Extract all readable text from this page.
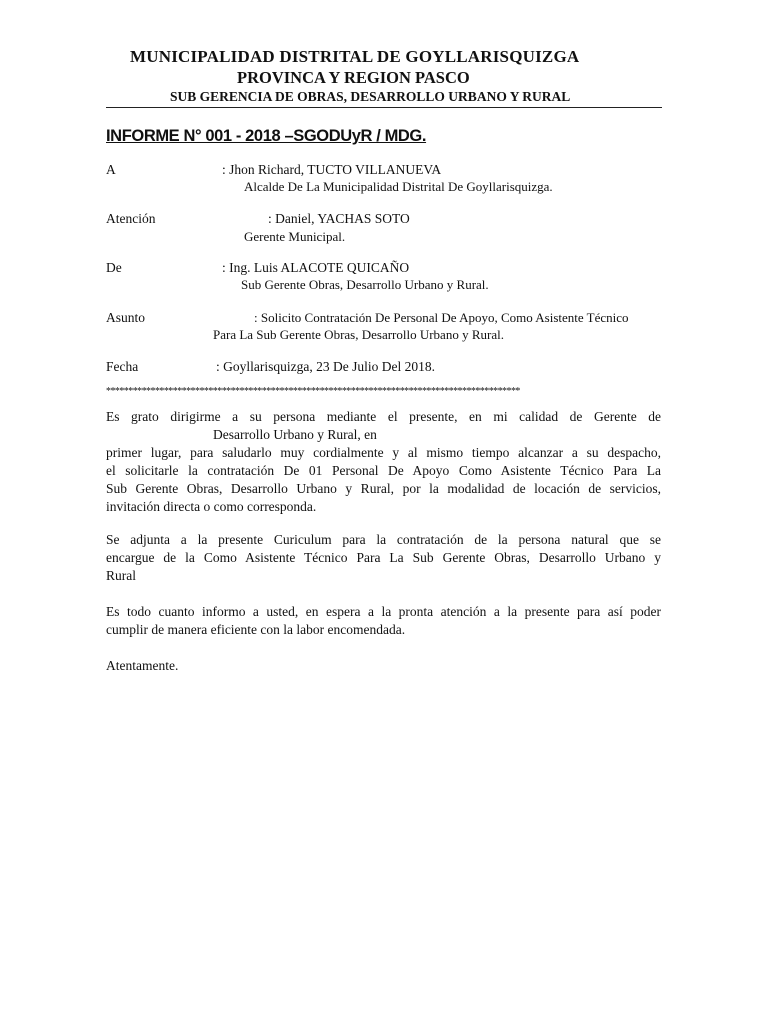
MUNICIPALIDAD DISTRITAL DE GOYLLARISQUIZGA
PROVINCA Y REGION PASCO
SUB GERENCIA DE OBRAS, DESARROLLO URBANO Y RURAL
INFORME N° 001 - 2018 –SGODUyR / MDG.
A	: Jhon Richard, TUCTO VILLANUEVA
Alcalde De La Municipalidad Distrital De Goyllarisquizga.
Atención	: Daniel, YACHAS SOTO
Gerente Municipal.
De	: Ing. Luis ALACOTE QUICAÑO
Sub Gerente Obras, Desarrollo Urbano y Rural.
Asunto	: Solicito Contratación De Personal De Apoyo, Como Asistente Técnico
Para La Sub Gerente Obras, Desarrollo Urbano y Rural.
Fecha	: Goyllarisquizga, 23 De Julio Del 2018.
*********************************************************************************************
Es grato dirigirme a su persona mediante el presente, en mi calidad de Gerente de
Desarrollo Urbano y Rural, en
primer lugar, para saludarlo muy cordialmente y al mismo tiempo alcanzar a su despacho,
el solicitarle la contratación De 01 Personal De Apoyo Como Asistente Técnico Para La
Sub Gerente Obras, Desarrollo Urbano y Rural, por la modalidad de locación de servicios,
invitación directa o como corresponda.
Se adjunta a la presente Curiculum para la contratación de la persona natural que se
encargue de la Como Asistente Técnico Para La Sub Gerente Obras, Desarrollo Urbano y
Rural
Es todo cuanto informo a usted, en espera a la pronta atención a la presente para así poder
cumplir de manera eficiente con la labor encomendada.
Atentamente.
